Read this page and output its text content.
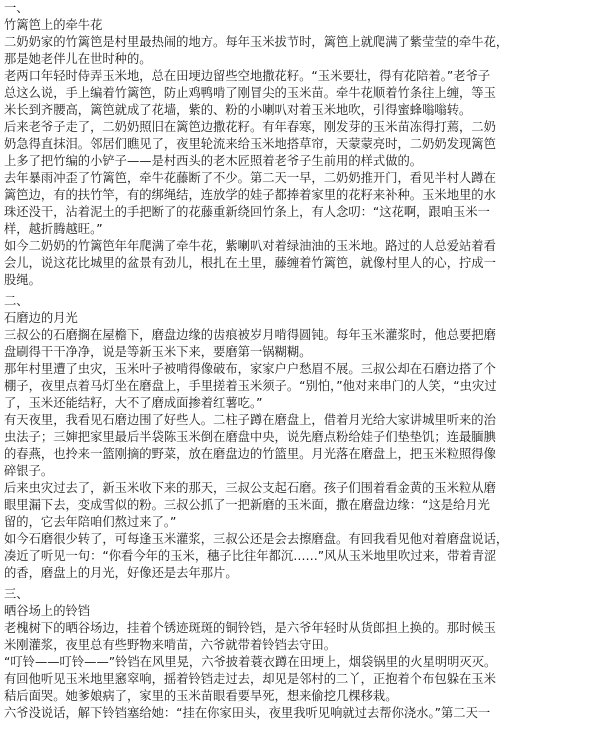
一、
竹篱笆上的牵牛花
二奶奶家的竹篱笆是村里最热闹的地方。每年玉米拔节时，篱笆上就爬满了紫莹莹的牵牛花，
那是她老伴儿在世时种的。
老两口年轻时侍弄玉米地，总在田埂边留些空地撒花籽。“玉米要壮，得有花陪着。”老爷子
总这么说，手上编着竹篱笆，防止鸡鸭啃了刚冒尖的玉米苗。牵牛花顺着竹条往上缠，等玉
米长到齐腰高，篱笆就成了花墙，紫的、粉的小喇叭对着玉米地吹，引得蜜蜂嗡嗡转。
后来老爷子走了，二奶奶照旧在篱笆边撒花籽。有年春寒，刚发芽的玉米苗冻得打蔫，二奶
奶急得直抹泪。邻居们瞧见了，夜里轮流来给玉米地搭草帘，天蒙蒙亮时，二奶奶发现篱笆
上多了把竹编的小铲子——是村西头的老木匠照着老爷子生前用的样式做的。
去年暴雨冲歪了竹篱笆，牵牛花藤断了不少。第二天一早，二奶奶推开门，看见半村人蹲在
篱笆边，有的扶竹竿，有的绑绳结，连放学的娃子都捧着家里的花籽来补种。玉米地里的水
珠还没干，沾着泥土的手把断了的花藤重新绕回竹条上，有人念叨：“这花啊，跟咱玉米一
样，越折腾越旺。”
如今二奶奶的竹篱笆年年爬满了牵牛花，紫喇叭对着绿油油的玉米地。路过的人总爱站着看
会儿，说这花比城里的盆景有劲儿，根扎在土里，藤缠着竹篱笆，就像村里人的心，拧成一
股绳。
二、
石磨边的月光
三叔公的石磨搁在屋檐下，磨盘边缘的齿痕被岁月啃得圆钝。每年玉米灌浆时，他总要把磨
盘刷得干干净净，说是等新玉米下来，要磨第一锅糊糊。
那年村里遭了虫灾，玉米叶子被啃得像破布，家家户户愁眉不展。三叔公却在石磨边搭了个
棚子，夜里点着马灯坐在磨盘上，手里搓着玉米须子。“别怕，”他对来串门的人笑，“虫灾过
了，玉米还能结籽，大不了磨成面掺着红薯吃。”
有天夜里，我看见石磨边围了好些人。二柱子蹲在磨盘上，借着月光给大家讲城里听来的治
虫法子；三婶把家里最后半袋陈玉米倒在磨盘中央，说先磨点粉给娃子们垫垫饥；连最腼腆
的春燕，也拎来一篮刚摘的野菜，放在磨盘边的竹篮里。月光落在磨盘上，把玉米粒照得像
碎银子。
后来虫灾过去了，新玉米收下来的那天，三叔公支起石磨。孩子们围着看金黄的玉米粒从磨
眼里漏下去，变成雪似的粉。三叔公抓了一把新磨的玉米面，撒在磨盘边缘：“这是给月光
留的，它去年陪咱们熬过来了。”
如今石磨很少转了，可每逢玉米灌浆，三叔公还是会去擦磨盘。有回我看见他对着磨盘说话，
凑近了听见一句：“你看今年的玉米，穗子比往年都沉……”风从玉米地里吹过来，带着青涩
的香，磨盘上的月光，好像还是去年那片。
三、
晒谷场上的铃铛
老槐树下的晒谷场边，挂着个锈迹斑斑的铜铃铛，是六爷年轻时从货郎担上换的。那时候玉
米刚灌浆，夜里总有些野物来啃苗，六爷就带着铃铛去守田。
“叮铃——叮铃——”铃铛在风里晃，六爷披着蓑衣蹲在田埂上，烟袋锅里的火星明明灭灭。
有回他听见玉米地里窸窣响，摇着铃铛走过去，却见是邻村的二丫，正抱着个布包躲在玉米
秸后面哭。她爹娘病了，家里的玉米苗眼看要旱死，想来偷挖几棵移栽。
六爷没说话，解下铃铛塞给她：“挂在你家田头，夜里我听见响就过去帮你浇水。”第二天一
